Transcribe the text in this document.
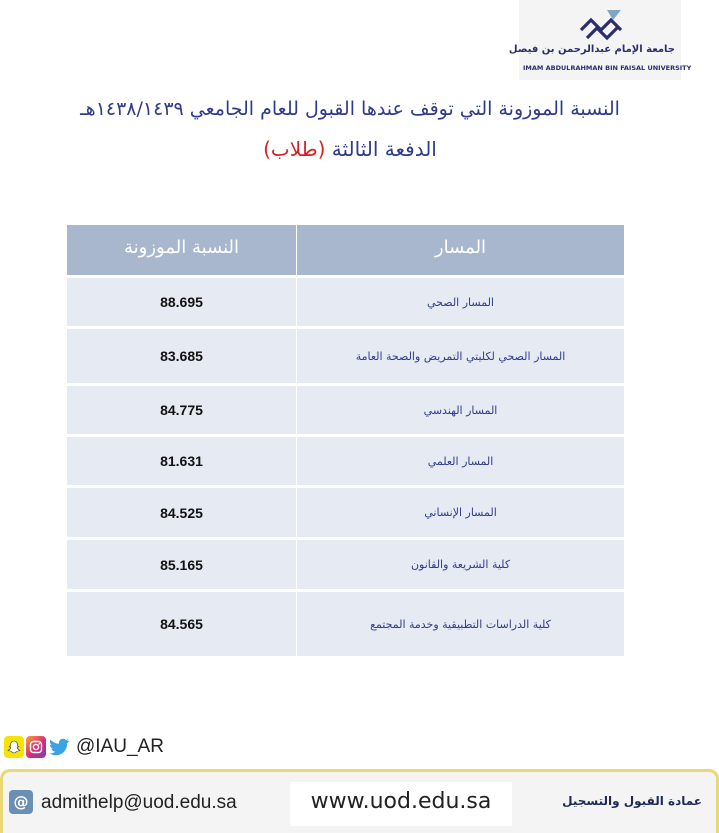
جامعة الإمام عبدالرحمن بن فيصل
IMAM ABDULRAHMAN BIN FAISAL UNIVERSITY
النسبة الموزونة التي توقف عندها القبول للعام الجامعي ١٤٣٨/١٤٣٩هـ
الدفعة الثالثة (طلاب)
النسبة الموزونة	المسار
88.695	المسار الصحي
83.685	المسار الصحي لكليتي التمريض والصحة العامة
84.775	المسار الهندسي
81.631	المسار العلمي
84.525	المسار الإنساني
85.165	كلية الشريعة والقانون
84.565	كلية الدراسات التطبيقية وخدمة المجتمع
@IAU_AR
@ admithelp@uod.edu.sa	www.uod.edu.sa	عمادة القبول والتسجيل
